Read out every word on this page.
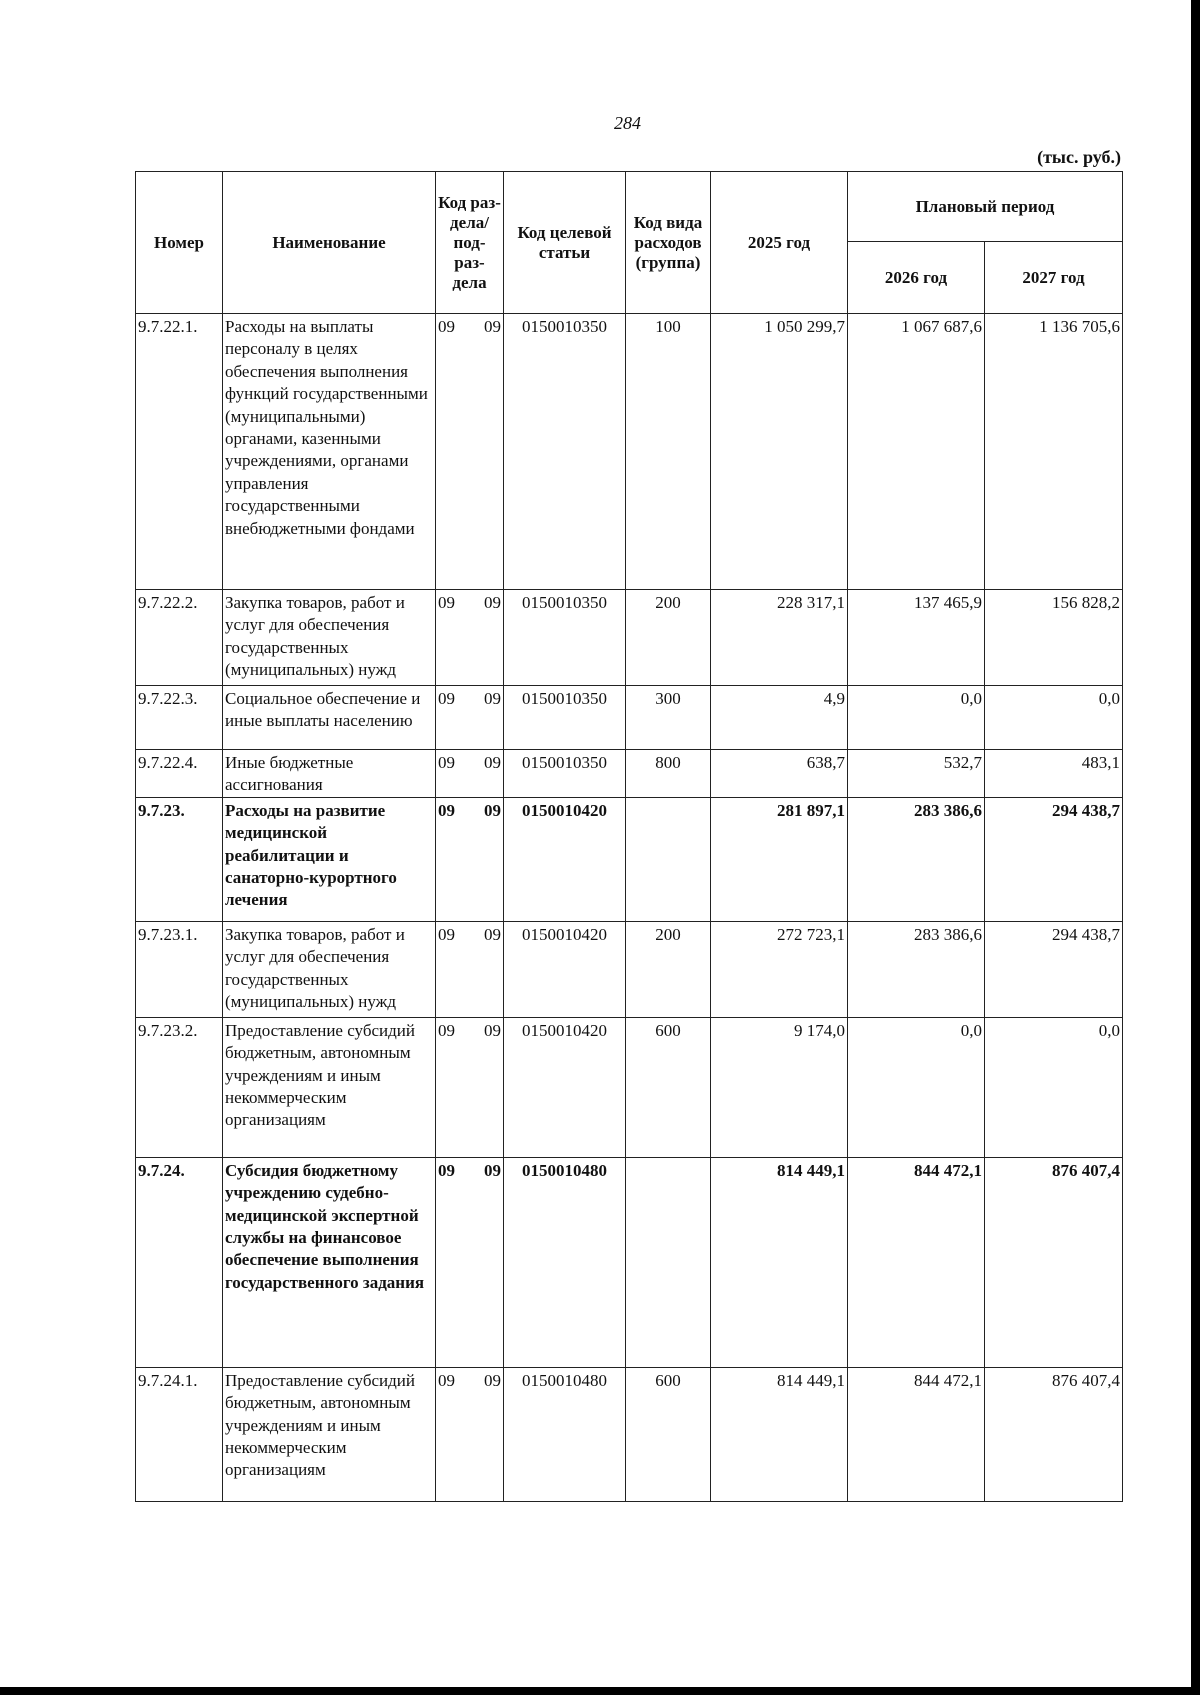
284
(тыс. руб.)
Номер	Наименование	Код раз- дела/ под- раз- дела	Код целевой статьи	Код вида расходов (группа)	2025 год	Плановый период	
						2026 год	2027 год
9.7.22.1.	Расходы на выплаты персоналу в целях обеспечения выполнения функций государственными (муниципальными) органами, казенными учреждениями, органами управления государственными внебюджетными фондами	09 09	0150010350	100	1 050 299,7	1 067 687,6	1 136 705,6
9.7.22.2.	Закупка товаров, работ и услуг для обеспечения государственных (муниципальных) нужд	09 09	0150010350	200	228 317,1	137 465,9	156 828,2
9.7.22.3.	Социальное обеспечение и иные выплаты населению	09 09	0150010350	300	4,9	0,0	0,0
9.7.22.4.	Иные бюджетные ассигнования	09 09	0150010350	800	638,7	532,7	483,1
9.7.23.	Расходы на развитие медицинской реабилитации и санаторно-курортного лечения	09 09	0150010420		281 897,1	283 386,6	294 438,7
9.7.23.1.	Закупка товаров, работ и услуг для обеспечения государственных (муниципальных) нужд	09 09	0150010420	200	272 723,1	283 386,6	294 438,7
9.7.23.2.	Предоставление субсидий бюджетным, автономным учреждениям и иным некоммерческим организациям	09 09	0150010420	600	9 174,0	0,0	0,0
9.7.24.	Субсидия бюджетному учреждению судебно-медицинской экспертной службы на финансовое обеспечение выполнения государственного задания	09 09	0150010480		814 449,1	844 472,1	876 407,4
9.7.24.1.	Предоставление субсидий бюджетным, автономным учреждениям и иным некоммерческим организациям	09 09	0150010480	600	814 449,1	844 472,1	876 407,4
